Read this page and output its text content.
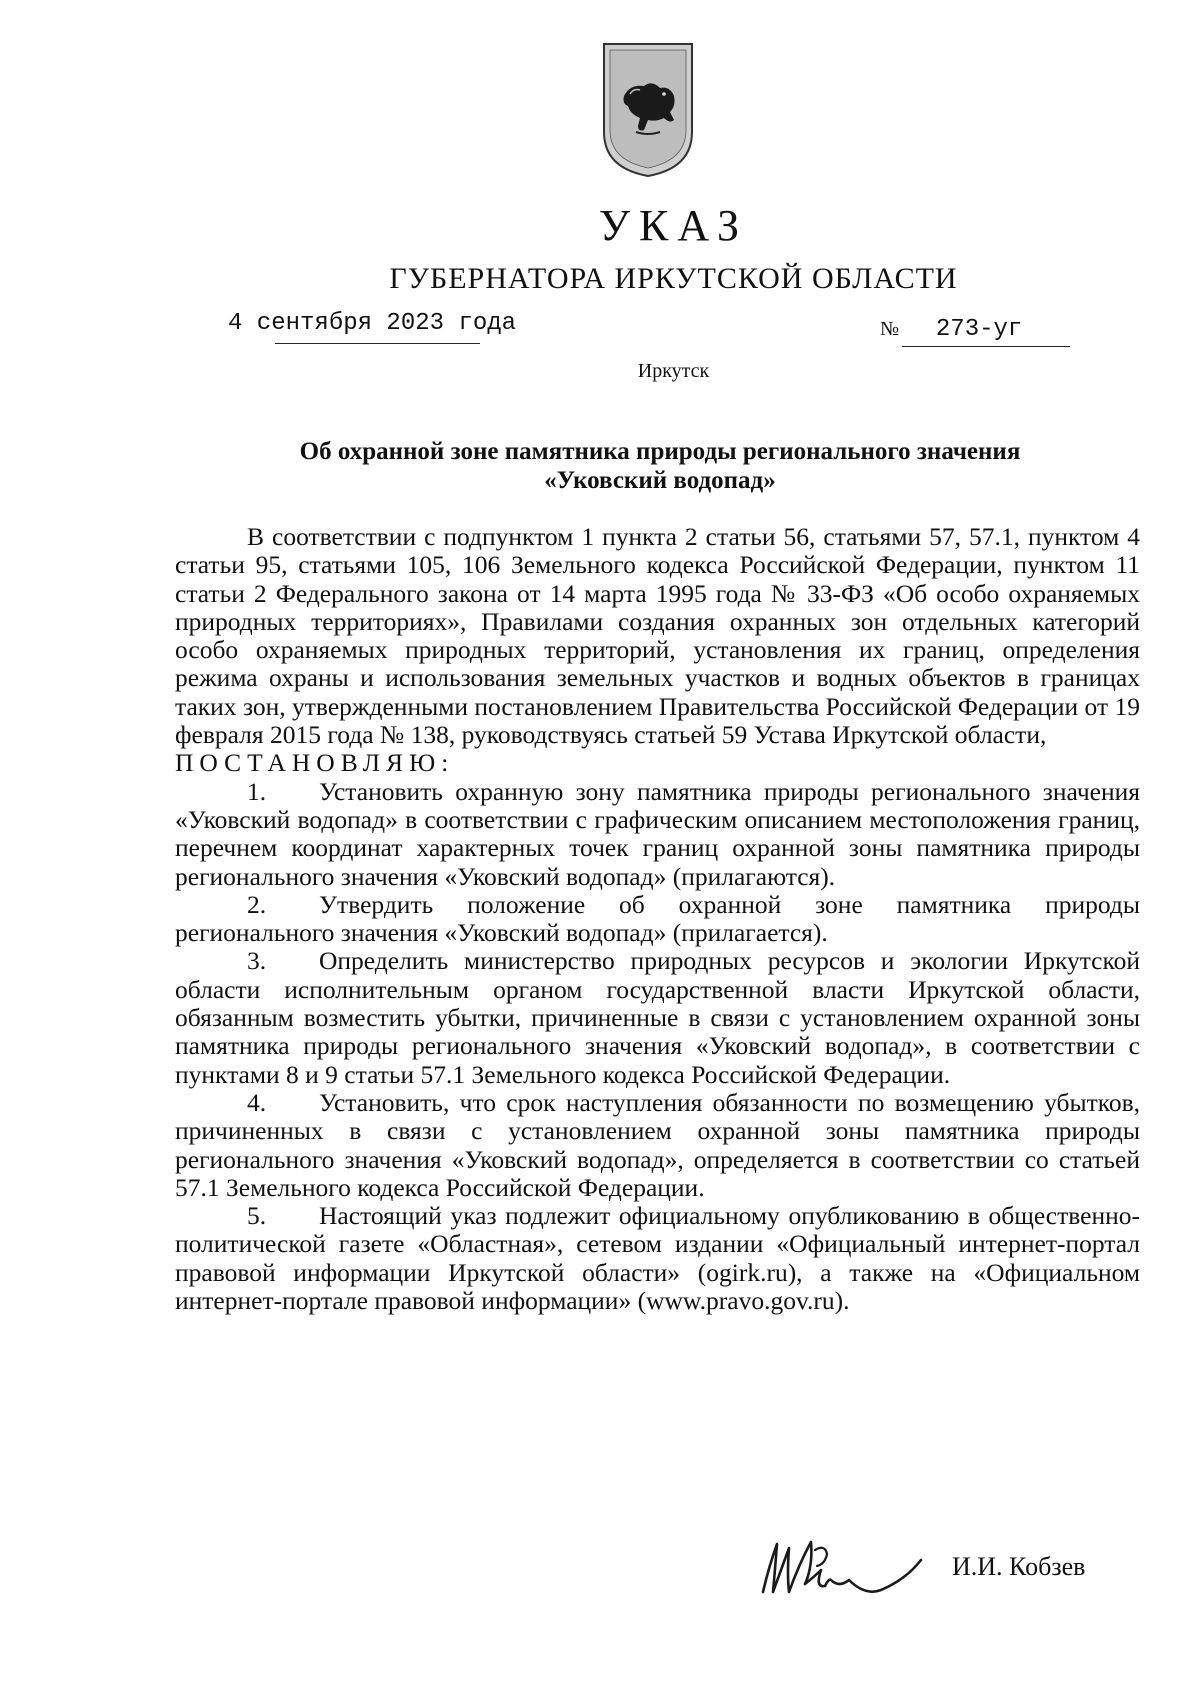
УКАЗ
ГУБЕРНАТОРА ИРКУТСКОЙ ОБЛАСТИ
4 сентября 2023 года	№ 273-уг
Иркутск
Об охранной зоне памятника природы регионального значения
«Уковский водопад»

В соответствии с подпунктом 1 пункта 2 статьи 56, статьями 57, 57.1, пунктом 4 статьи 95, статьями 105, 106 Земельного кодекса Российской Федерации, пунктом 11 статьи 2 Федерального закона от 14 марта 1995 года № 33-ФЗ «Об особо охраняемых природных территориях», Правилами создания охранных зон отдельных категорий особо охраняемых природных территорий, установления их границ, определения режима охраны и использования земельных участков и водных объектов в границах таких зон, утвержденными постановлением Правительства Российской Федерации от 19 февраля 2015 года № 138, руководствуясь статьей 59 Устава Иркутской области,

ПОСТАНОВЛЯЮ:

1. Установить охранную зону памятника природы регионального значения «Уковский водопад» в соответствии с графическим описанием местоположения границ, перечнем координат характерных точек границ охранной зоны памятника природы регионального значения «Уковский водопад» (прилагаются).

2. Утвердить положение об охранной зоне памятника природы регионального значения «Уковский водопад» (прилагается).

3. Определить министерство природных ресурсов и экологии Иркутской области исполнительным органом государственной власти Иркутской области, обязанным возместить убытки, причиненные в связи с установлением охранной зоны памятника природы регионального значения «Уковский водопад», в соответствии с пунктами 8 и 9 статьи 57.1 Земельного кодекса Российской Федерации.

4. Установить, что срок наступления обязанности по возмещению убытков, причиненных в связи с установлением охранной зоны памятника природы регионального значения «Уковский водопад», определяется в соответствии со статьей 57.1 Земельного кодекса Российской Федерации.

5. Настоящий указ подлежит официальному опубликованию в общественно-политической газете «Областная», сетевом издании «Официальный интернет-портал правовой информации Иркутской области» (ogirk.ru), а также на «Официальном интернет-портале правовой информации» (www.pravo.gov.ru).

И.И. Кобзев
